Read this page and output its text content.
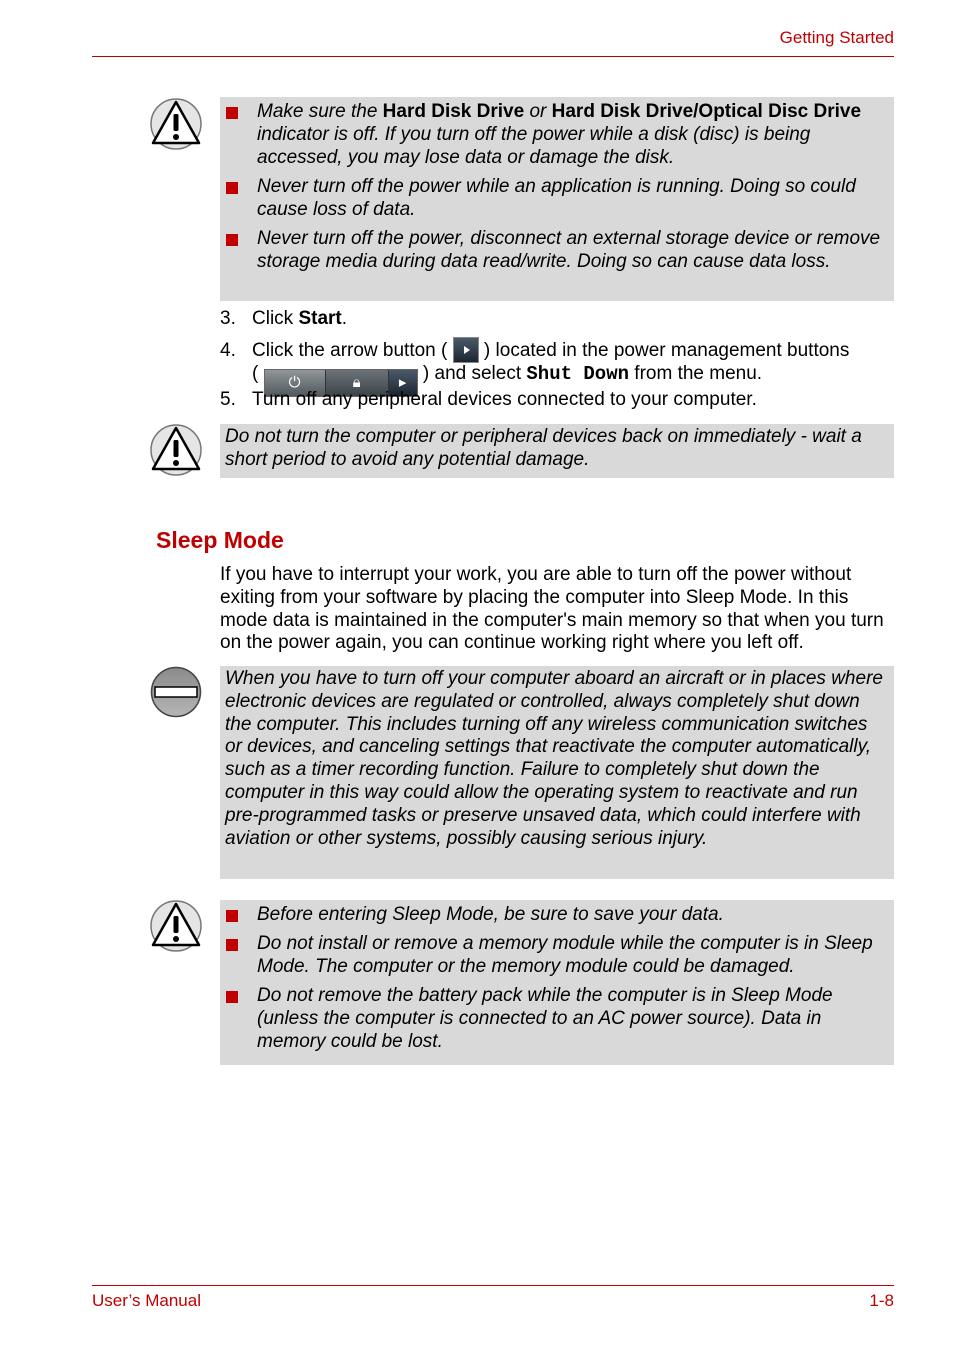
Getting Started
Make sure the Hard Disk Drive or Hard Disk Drive/Optical Disc Drive indicator is off. If you turn off the power while a disk (disc) is being accessed, you may lose data or damage the disk.
Never turn off the power while an application is running. Doing so could cause loss of data.
Never turn off the power, disconnect an external storage device or remove storage media during data read/write. Doing so can cause data loss.
3. Click Start.
4. Click the arrow button ( ) located in the power management buttons
(	⏻	🔒︎	▸ ) and select Shut Down from the menu.
5. Turn off any peripheral devices connected to your computer.
Do not turn the computer or peripheral devices back on immediately - wait a short period to avoid any potential damage.
Sleep Mode
If you have to interrupt your work, you are able to turn off the power without exiting from your software by placing the computer into Sleep Mode. In this mode data is maintained in the computer's main memory so that when you turn on the power again, you can continue working right where you left off.
When you have to turn off your computer aboard an aircraft or in places where electronic devices are regulated or controlled, always completely shut down the computer. This includes turning off any wireless communication switches or devices, and canceling settings that reactivate the computer automatically, such as a timer recording function. Failure to completely shut down the computer in this way could allow the operating system to reactivate and run pre-programmed tasks or preserve unsaved data, which could interfere with aviation or other systems, possibly causing serious injury.
Before entering Sleep Mode, be sure to save your data.
Do not install or remove a memory module while the computer is in Sleep Mode. The computer or the memory module could be damaged.
Do not remove the battery pack while the computer is in Sleep Mode (unless the computer is connected to an AC power source). Data in memory could be lost.
User’s Manual	1-8
